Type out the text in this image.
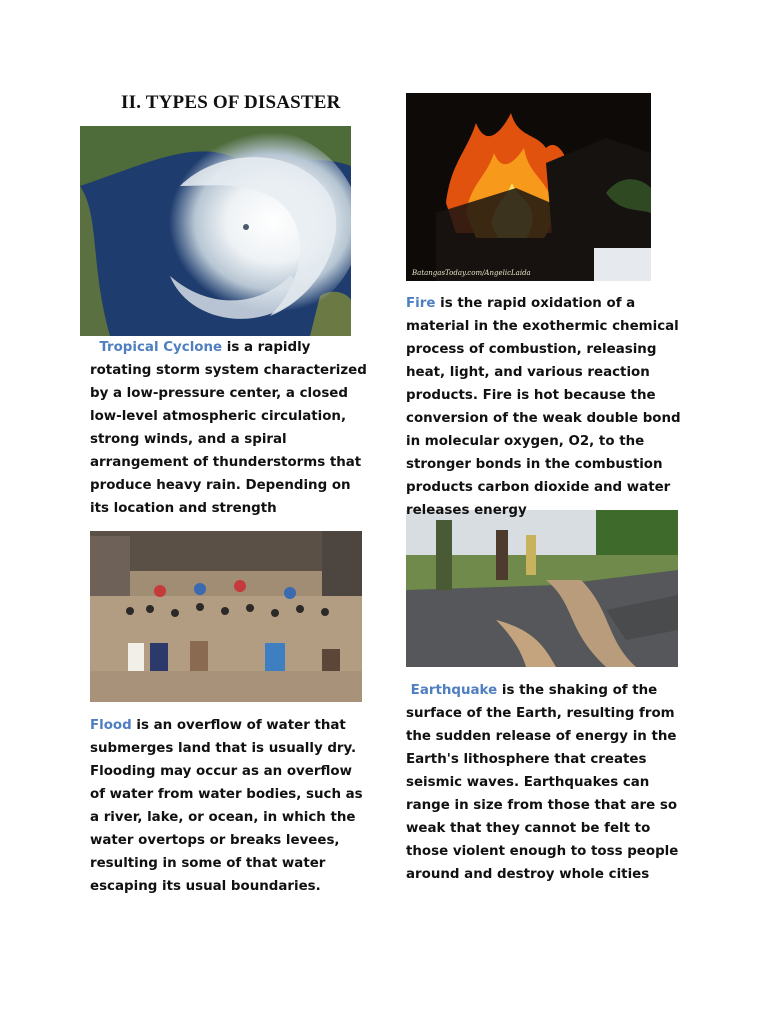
II. TYPES OF DISASTER
BatangasToday.com/AngelicLaida

Tropical Cyclone is a rapidly rotating storm system characterized by a low-pressure center, a closed low-level atmospheric circulation, strong winds, and a spiral arrangement of thunderstorms that produce heavy rain. Depending on its location and strength

Fire is the rapid oxidation of a material in the exothermic chemical process of combustion, releasing heat, light, and various reaction products. Fire is hot because the conversion of the weak double bond in molecular oxygen, O2, to the stronger bonds in the combustion products carbon dioxide and water releases energy

Flood is an overflow of water that submerges land that is usually dry. Flooding may occur as an overflow of water from water bodies, such as a river, lake, or ocean, in which the water overtops or breaks levees, resulting in some of that water escaping its usual boundaries.

Earthquake is the shaking of the surface of the Earth, resulting from the sudden release of energy in the Earth's lithosphere that creates seismic waves. Earthquakes can range in size from those that are so weak that they cannot be felt to those violent enough to toss people around and destroy whole cities
